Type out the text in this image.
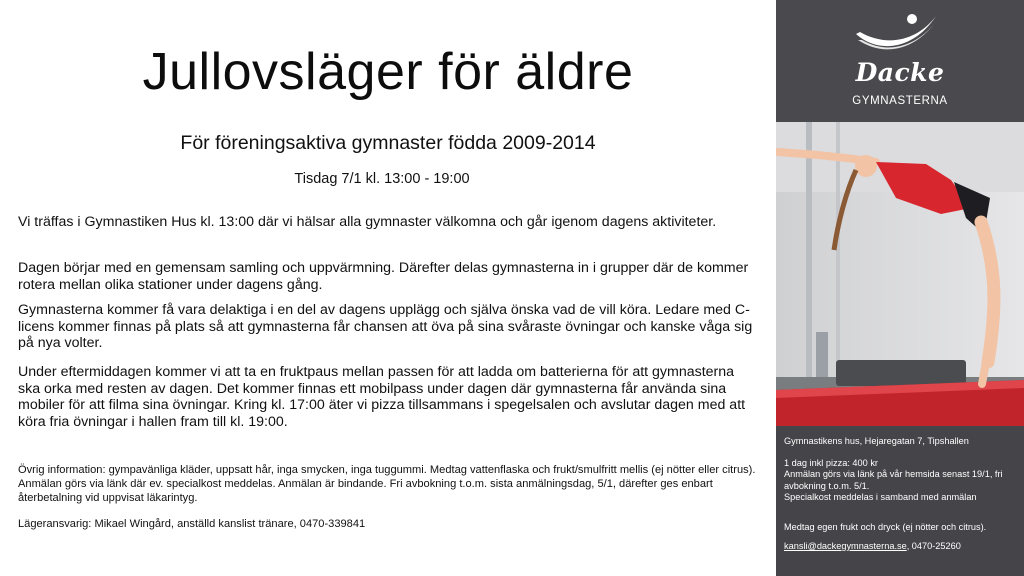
Jullovsläger för äldre
För föreningsaktiva gymnaster födda 2009-2014
Tisdag 7/1 kl. 13:00 - 19:00
Vi träffas i Gymnastiken Hus kl. 13:00 där vi hälsar alla gymnaster välkomna och går igenom dagens aktiviteter.
Dagen börjar med en gemensam samling och uppvärmning. Därefter delas gymnasterna in i grupper där de kommer rotera mellan olika stationer under dagens gång.
Gymnasterna kommer få vara delaktiga i en del av dagens upplägg och själva önska vad de vill köra. Ledare med C-licens kommer finnas på plats så att gymnasterna får chansen att öva på sina svåraste övningar och kanske våga sig på nya volter.
Under eftermiddagen kommer vi att ta en fruktpaus mellan passen för att ladda om batterierna för att gymnasterna ska orka med resten av dagen. Det kommer finnas ett mobilpass under dagen där gymnasterna får använda sina mobiler för att filma sina övningar. Kring kl. 17:00 äter vi pizza tillsammans i spegelsalen och avslutar dagen med att köra fria övningar i hallen fram till kl. 19:00.
Övrig information: gympavänliga kläder, uppsatt hår, inga smycken, inga tuggummi. Medtag vattenflaska och frukt/smulfritt mellis (ej nötter eller citrus). Anmälan görs via länk där ev. specialkost meddelas. Anmälan är bindande. Fri avbokning t.o.m. sista anmälningsdag, 5/1, därefter ges enbart återbetalning vid uppvisat läkarintyg.
Lägeransvarig: Mikael Wingård, anställd kanslist tränare, 0470-339841
Dacke
GYMNASTERNA
Gymnastikens hus, Hejaregatan 7, Tipshallen
1 dag inkl pizza: 400 kr
Anmälan görs via länk på vår hemsida senast 19/1, fri avbokning t.o.m. 5/1.
Specialkost meddelas i samband med anmälan
Medtag egen frukt och dryck (ej nötter och citrus).
kansli@dackegymnasterna.se, 0470-25260
